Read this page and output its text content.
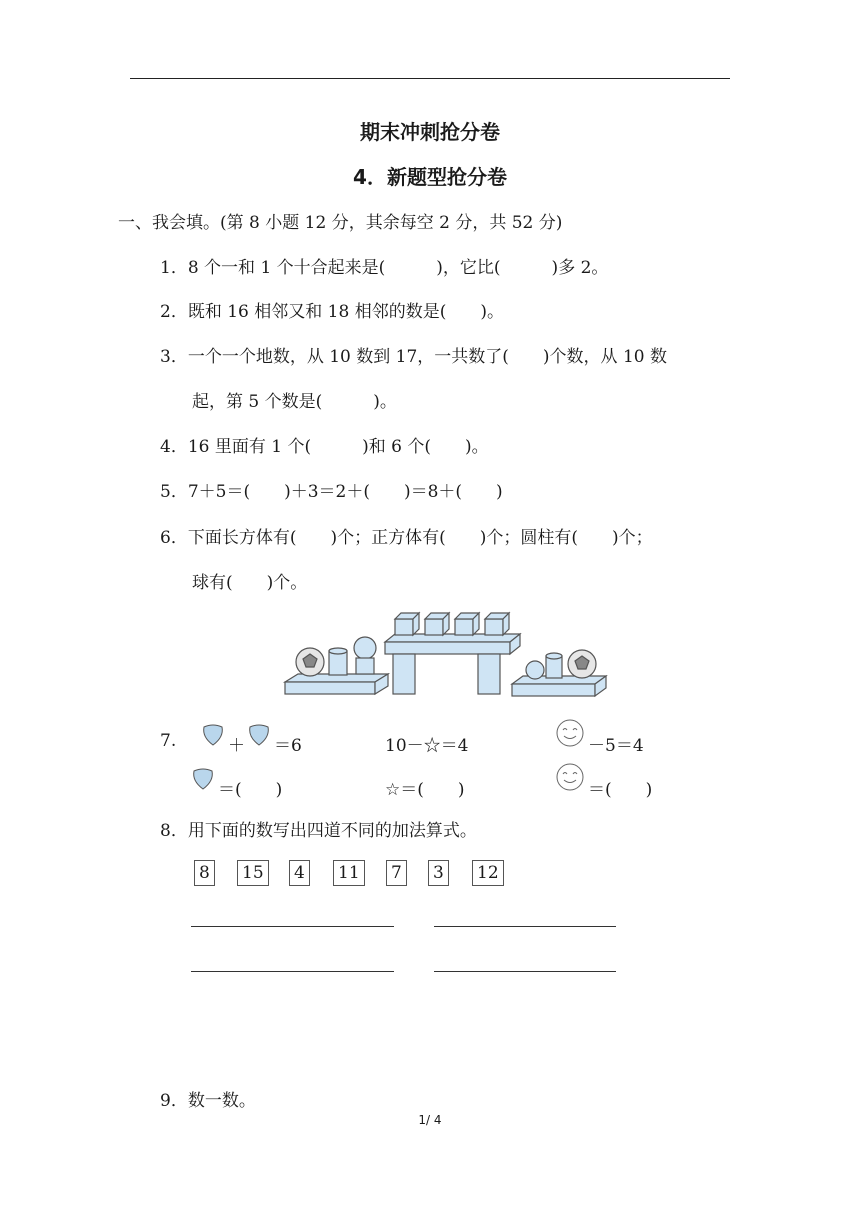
期末冲刺抢分卷
4．新题型抢分卷
一、我会填。(第 8 小题 12 分，其余每空 2 分，共 52 分)
1．8 个一和 1 个十合起来是(　　　)，它比(　　　)多 2。
2．既和 16 相邻又和 18 相邻的数是(　　)。
3．一个一个地数，从 10 数到 17，一共数了(　　)个数，从 10 数
起，第 5 个数是(　　　)。
4．16 里面有 1 个(　　　)和 6 个(　　)。
5．7＋5＝(　　)＋3＝2＋(　　)＝8＋(　　)
6．下面长方体有(　　)个；正方体有(　　)个；圆柱有(　　)个；
球有(　　)个。
7.	＋ ＝6	10－☆＝4	－5＝4
＝(　　)	☆＝(　　)	＝(　　)
8．用下面的数写出四道不同的加法算式。
8 15 4 11 7 3 12
9．数一数。
1/ 4
